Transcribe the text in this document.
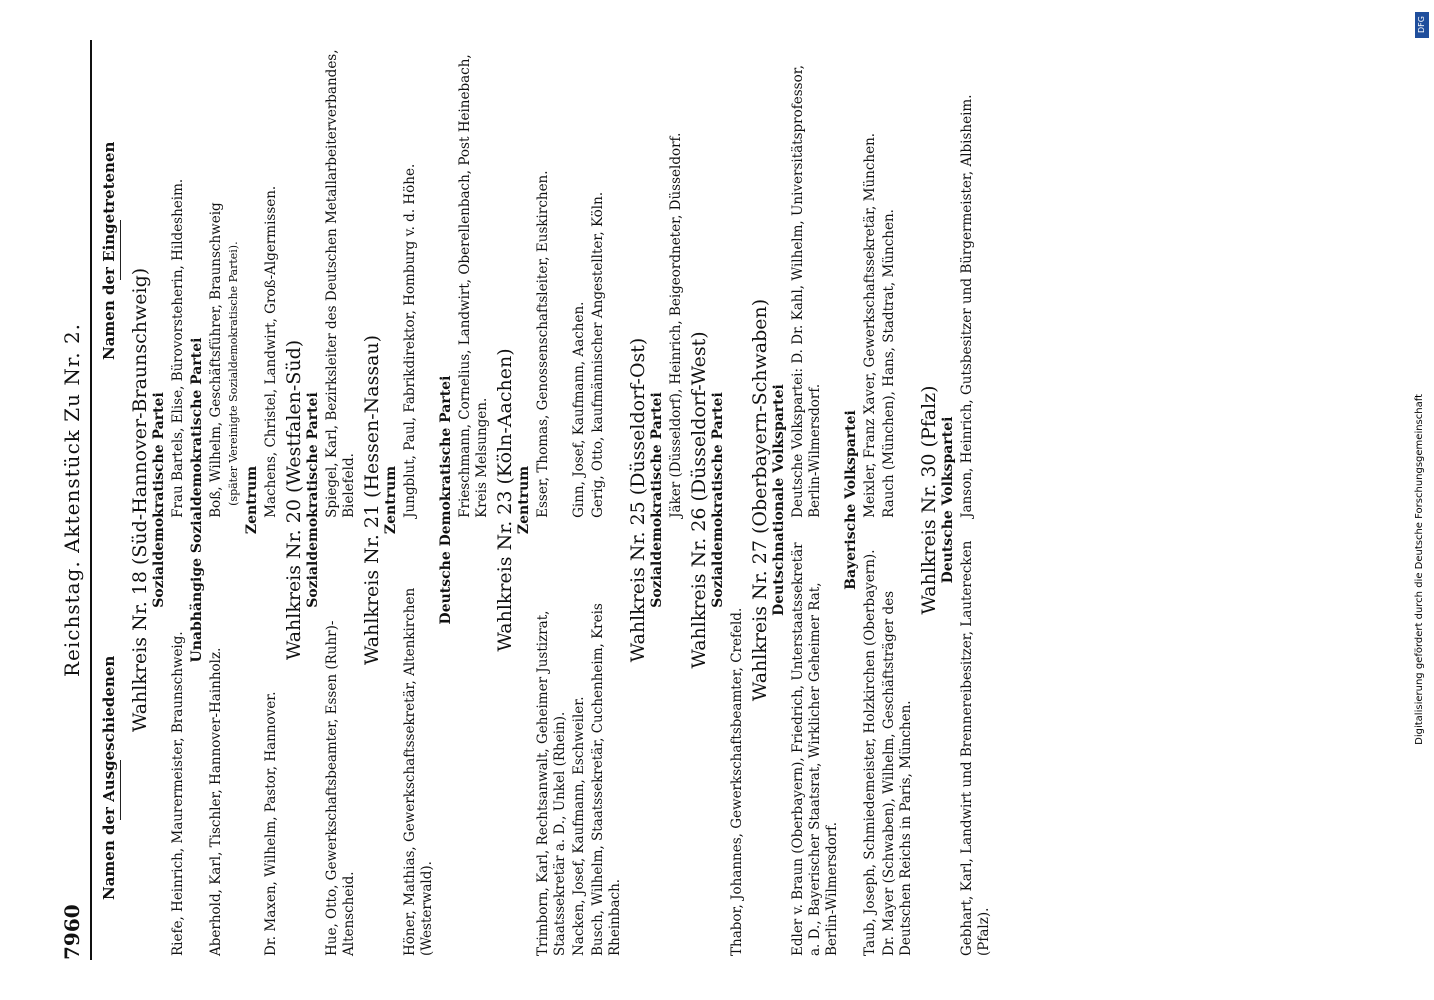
7960
Reichstag. Aktenstück Zu Nr. 2.
Namen der Ausgeschiedenen
Namen der Eingetretenen
Wahlkreis Nr. 18 (Süd-Hannover-Braunschweig) Sozialdemokratische Partei
Riefe, Heinrich, Maurermeister, Braunschweig.
Frau Bartels, Elise, Bürovorsteherin, Hildesheim. Unabhängige Sozialdemokratische Partei
Aberhold, Karl, Tischler, Hannover-Hainholz.
Boß, Wilhelm, Geschäftsführer, Braunschweig (später Vereinigte Sozialdemokratische Partei). Zentrum
Dr. Maxen, Wilhelm, Pastor, Hannover.
Machens, Christel, Landwirt, Groß-Algermissen. Wahlkreis Nr. 20 (Westfalen-Süd) Sozialdemokratische Partei
Hue, Otto, Gewerkschaftsbeamter, Essen (Ruhr)-Altenscheid.
Spiegel, Karl, Bezirksleiter des Deutschen Metallarbeiterverbandes, Bielefeld. Wahlkreis Nr. 21 (Hessen-Nassau) Zentrum
Höner, Mathias, Gewerkschaftssekretär, Altenkirchen (Westerwald).
Jungblut, Paul, Fabrikdirektor, Homburg v. d. Höhe. Deutsche Demokratische Partei Frieschmann, Cornelius, Landwirt, Oberellenbach, Post Heinebach, Kreis Melsungen. Wahlkreis Nr. 23 (Köln-Aachen) Zentrum
Trimborn, Karl, Rechtsanwalt, Geheimer Justizrat, Staatssekretär a. D., Unkel (Rhein).
Esser, Thomas, Genossenschaftsleiter, Euskirchen.
Nacken, Josef, Kaufmann, Eschweiler.
Ginn, Josef, Kaufmann, Aachen.
Busch, Wilhelm, Staatssekretär, Cuchenheim, Kreis Rheinbach.
Gerig, Otto, kaufmännischer Angestellter, Köln. Wahlkreis Nr. 25 (Düsseldorf-Ost) Sozialdemokratische Partei Jäker (Düsseldorf), Heinrich, Beigeordneter, Düsseldorf. Wahlkreis Nr. 26 (Düsseldorf-West) Sozialdemokratische Partei
Thabor, Johannes, Gewerkschaftsbeamter, Crefeld.
Wahlkreis Nr. 27 (Oberbayern-Schwaben) Deutschnationale Volkspartei
Edler v. Braun (Oberbayern), Friedrich, Unterstaatssekretär a. D., Bayerischer Staatsrat, Wirklicher Geheimer Rat, Berlin-Wilmersdorf.
Deutsche Volkspartei: D. Dr. Kahl, Wilhelm, Universitätsprofessor, Berlin-Wilmersdorf. Bayerische Volkspartei
Taub, Joseph, Schmiedemeister, Holzkirchen (Oberbayern).
Meixler, Franz Xaver, Gewerkschaftssekretär, München.
Dr. Mayer (Schwaben), Wilhelm, Geschäftsträger des Deutschen Reichs in Paris, München.
Rauch (München), Hans, Stadtrat, München. Wahlkreis Nr. 30 (Pfalz) Deutsche Volkspartei
Gebhart, Karl, Landwirt und Brennereibesitzer, Lauterecken (Pfalz).
Janson, Heinrich, Gutsbesitzer und Bürgermeister, Albisheim.
DFG
Digitalisierung gefördert durch die Deutsche Forschungsgemeinschaft
